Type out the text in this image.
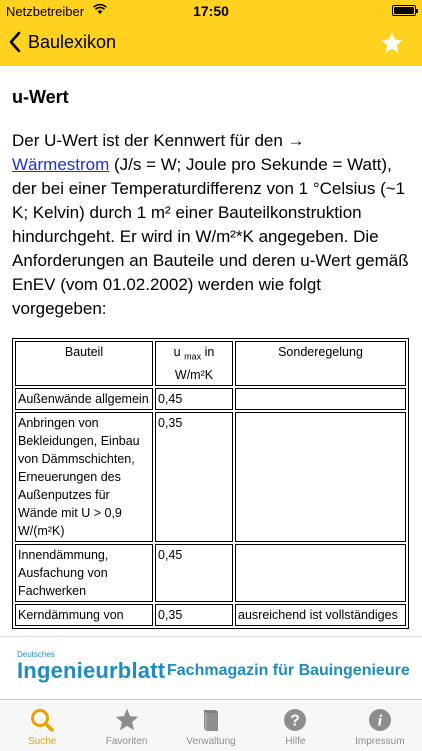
Netzbetreiber	17:50	⚡
Baulexikon
u-Wert

Der U-Wert ist der Kennwert für den →
Wärmestrom (J/s = W; Joule pro Sekunde = Watt), der bei einer Temperaturdifferenz von 1 °Celsius (~1 K; Kelvin) durch 1 m² einer Bauteilkonstruktion hindurchgeht. Er wird in W/m²*K angegeben. Die Anforderungen an Bauteile und deren u-Wert gemäß EnEV (vom 01.02.2002) werden wie folgt vorgegeben:

Bauteil	u $_{max}$ in W/m²K	Sonderegelung
Außenwände allgemein	0,45	
Anbringen von Bekleidungen, Einbau von Dämmschichten, Erneuerungen des Außenputzes für Wände mit U > 0,9 W/(m²K)	0,35	
Innendämmung, Ausfachung von Fachwerken	0,45	
Kerndämmung von	0,35	ausreichend ist vollständiges
Deutsches
Ingenieurblatt Fachmagazin für Bauingenieure
Suche	Favoriten	Verwaltung
?
Hilfe
i
Impressum
